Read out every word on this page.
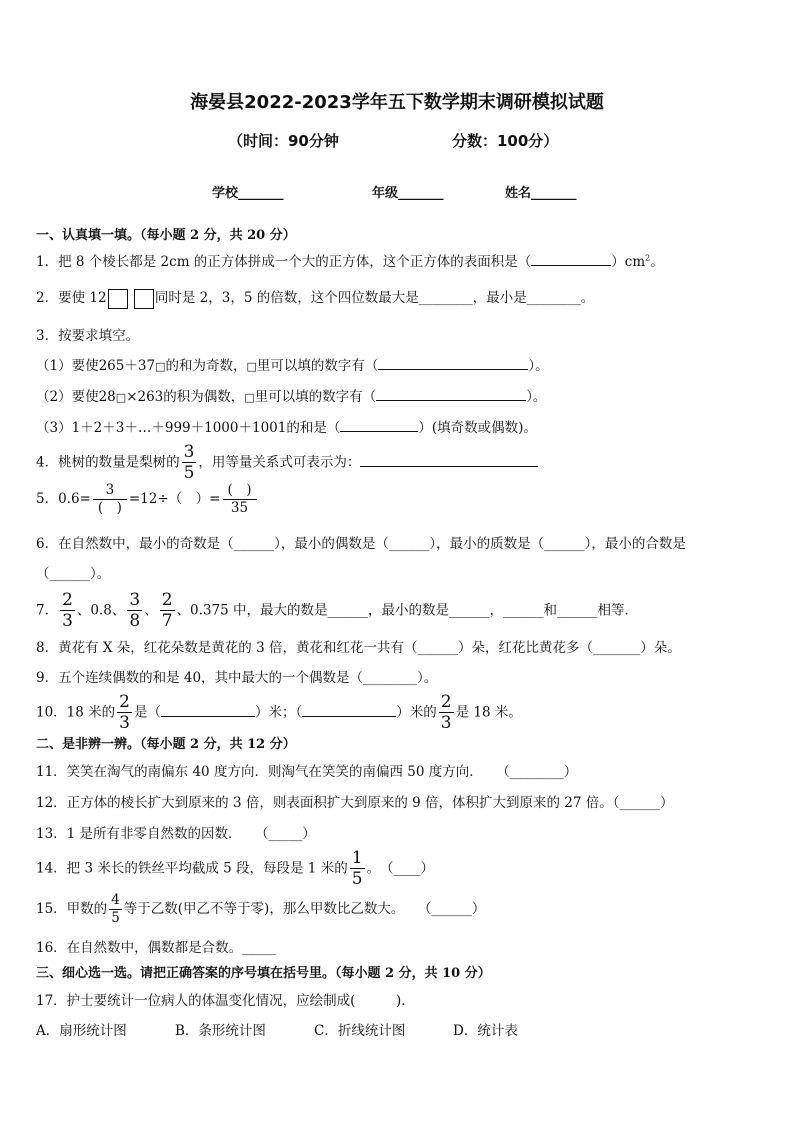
海晏县2022-2023学年五下数学期末调研模拟试题
（时间：90分钟	分数：100分）
学校_______	年级_______	姓名_______
一、认真填一填。（每小题 2 分，共 20 分）
1．把 8 个棱长都是 2cm 的正方体拼成一个大的正方体，这个正方体的表面积是（	）$cm^2$。
2．要使 12	同时是 2，3，5 的倍数，这个四位数最大是________，最小是________。
3．按要求填空。
（1）要使265＋37□的和为奇数，□里可以填的数字有（	）。
（2）要使28□×263的积为偶数，□里可以填的数字有（	）。
（3）1＋2＋3＋…＋999＋1000＋1001的和是（	）(填奇数或偶数)。
4．桃树的数量是梨树的 $\frac{3}{5}$ ，用等量关系式可表示为：
5．$0.6= \frac{3}{( )} =12\div$（　）= $\frac{( )}{35}$
6．在自然数中，最小的奇数是（______），最小的偶数是（______），最小的质数是（______），最小的合数是
（______）。
7． $\frac{2}{3}$ 、0.8、 $\frac{3}{8}$ 、 $\frac{2}{7}$ 、0.375 中，最大的数是______，最小的数是______，______和______相等．
8．黄花有 X 朵，红花朵数是黄花的 3 倍，黄花和红花一共有（______）朵，红花比黄花多（_______）朵。
9．五个连续偶数的和是 40，其中最大的一个偶数是（________）。
10．18 米的 $\frac{2}{3}$ 是（	）米；（	）米的 $\frac{2}{3}$ 是 18 米。
二、是非辨一辨。（每小题 2 分，共 12 分）
11．笑笑在淘气的南偏东 40 度方向．则淘气在笑笑的南偏西 50 度方向．　　（________）
12．正方体的棱长扩大到原来的 3 倍，则表面积扩大到原来的 9 倍，体积扩大到原来的 27 倍。（______）
13．1 是所有非零自然数的因数．　　（_____）
14．把 3 米长的铁丝平均截成 5 段，每段是 1 米的 $\frac{1}{5}$ 。　（____）
15．甲数的 $\frac{4}{5}$ 等于乙数(甲乙不等于零)，那么甲数比乙数大。　　（______）
16．在自然数中，偶数都是合数。_____
三、细心选一选。请把正确答案的序号填在括号里。（每小题 2 分，共 10 分）
17．护士要统计一位病人的体温变化情况，应绘制成(　　　)．
A．扇形统计图	B．条形统计图	C．折线统计图	D．统计表
